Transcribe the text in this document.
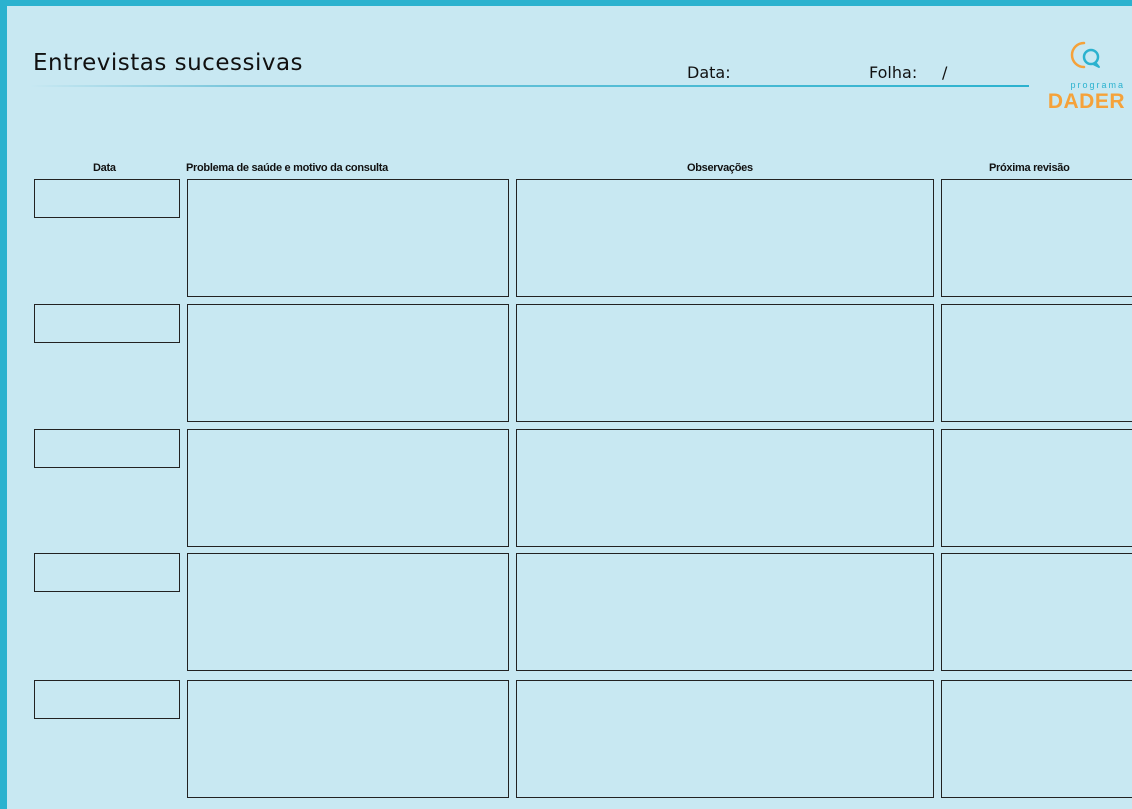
Entrevistas sucessivas	Data:	Folha: /
programa
DADER
Data	Problema de saúde e motivo da consulta	Observações	Próxima revisão
